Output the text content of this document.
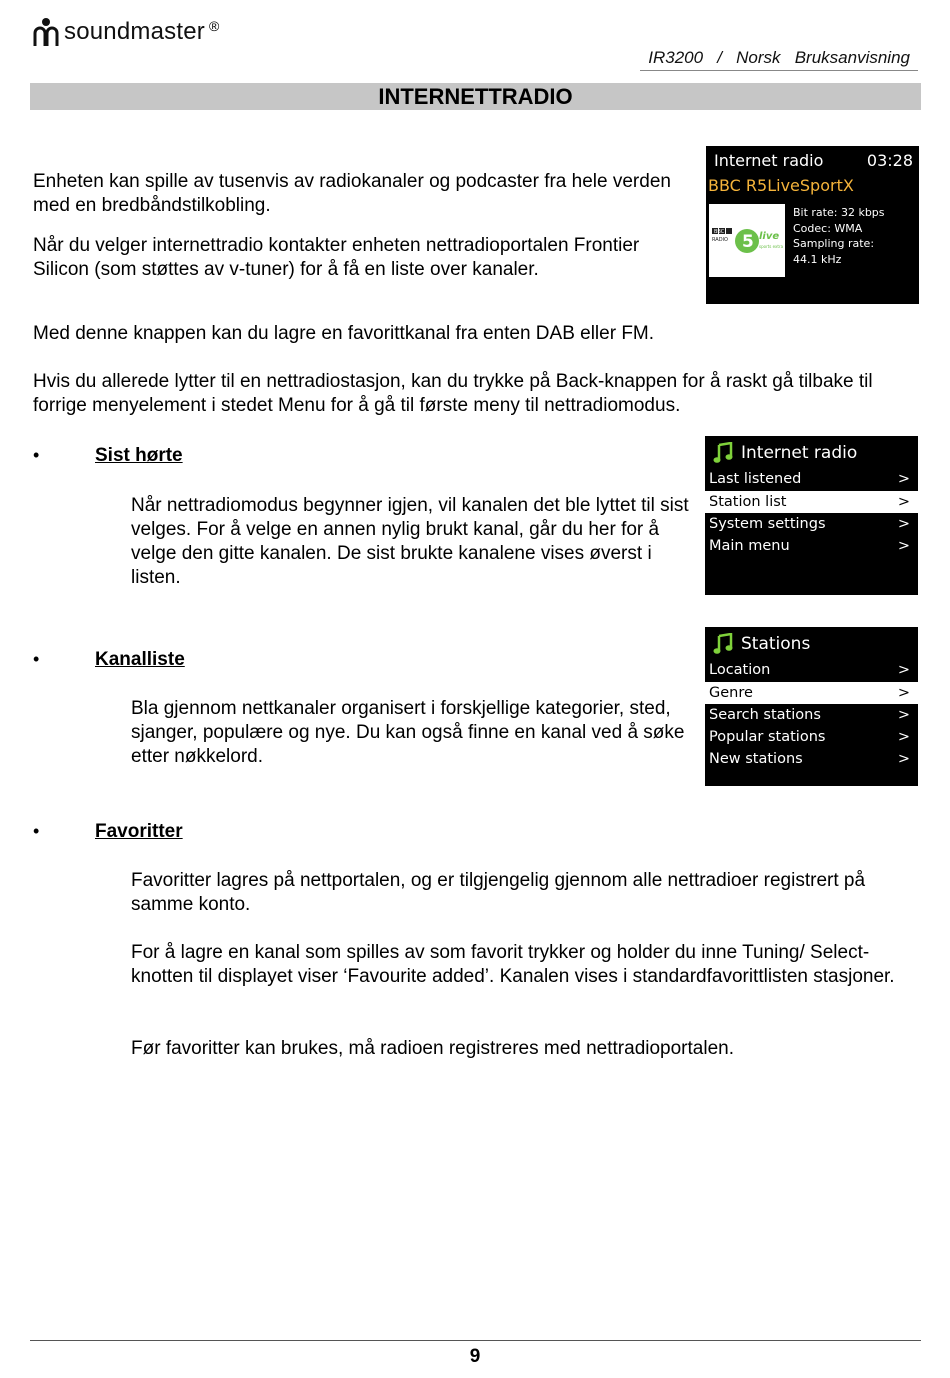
soundmaster ®
IR3200   /   Norsk   Bruksanvisning
INTERNETTRADIO

Enheten kan spille av tusenvis av radiokanaler og podcaster fra hele verden med en bredbåndstilkobling.

Når du velger internettradio kontakter enheten nettradioportalen Frontier Silicon (som støttes av v-tuner) for å få en liste over kanaler.

Internet radio	03:28
BBC R5LiveSportX
BBC
RADIO 5 live
sports extra
Bit rate: 32 kbps
Codec: WMA
Sampling rate:
44.1 kHz

Med denne knappen kan du lagre en favorittkanal fra enten DAB eller FM.

Hvis du allerede lytter til en nettradiostasjon, kan du trykke på Back-knappen for å raskt gå tilbake til forrige menyelement i stedet Menu for å gå til første meny til nettradiomodus.

•	Sist hørte

Når nettradiomodus begynner igjen, vil kanalen det ble lyttet til sist velges. For å velge en annen nylig brukt kanal, går du her for å velge den gitte kanalen. De sist brukte kanalene vises øverst i listen.

Internet radio
Last listened	>
Station list	>
System settings	>
Main menu	>
•	Kanalliste

Bla gjennom nettkanaler organisert i forskjellige kategorier, sted, sjanger, populære og nye. Du kan også finne en kanal ved å søke etter nøkkelord.

Stations
Location	>
Genre	>
Search stations	>
Popular stations	>
New stations	>
•	Favoritter

Favoritter lagres på nettportalen, og er tilgjengelig gjennom alle nettradioer registrert på samme konto.

For å lagre en kanal som spilles av som favorit trykker og holder du inne Tuning/ Select-knotten til displayet viser ‘Favourite added’. Kanalen vises i standardfavorittlisten stasjoner.

Før favoritter kan brukes, må radioen registreres med nettradioportalen.

9
